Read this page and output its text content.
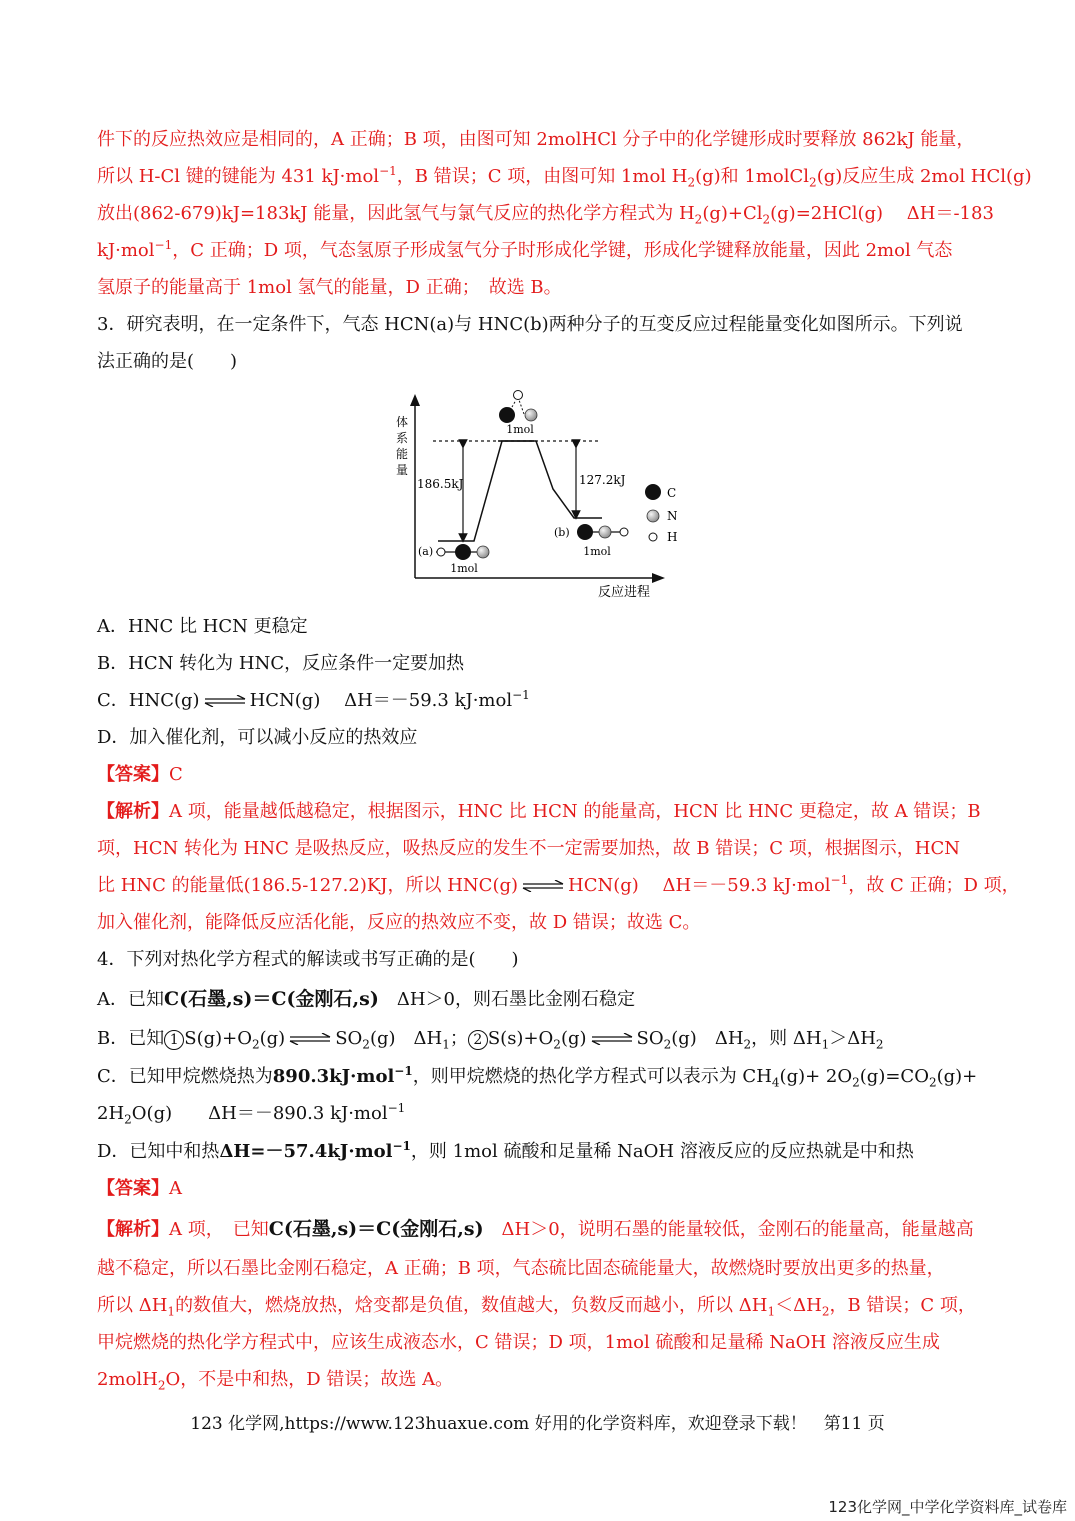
件下的反应热效应是相同的，A 正确；B 项，由图可知 2molHCl 分子中的化学键形成时要释放 862kJ 能量，
所以 H-Cl 键的键能为 431 kJ·mol$^{-1}$，B 错误；C 项，由图可知 1mol $H_2(g)$和 1molCl$_2$(g)反应生成 2mol HCl(g)
放出(862-679)kJ=183kJ 能量，因此氢气与氯气反应的热化学方程式为 $H_2(g)+Cl_2(g)=2HCl(g)$　 ΔH＝-183
kJ·mol$^{-1}$，C 正确；D 项，气态氢原子形成氢气分子时形成化学键，形成化学键释放能量，因此 2mol 气态
氢原子的能量高于 1mol 氢气的能量，D 正确；　故选 B。
3．研究表明，在一定条件下，气态 HCN(a)与 HNC(b)两种分子的互变反应过程能量变化如图所示。下列说
法正确的是(　　)
体
系
能
量
反应进程
186.5kJ	127.2kJ
(a)
1mol
1mol
(b)
1mol
C
N
H
A．HNC 比 HCN 更稳定
B．HCN 转化为 HNC，反应条件一定要加热
C．HNC(g) ⇌ HCN(g)　 ΔH＝－59.3 kJ·mol$^{-1}$
D．加入催化剂，可以减小反应的热效应
【答案】C
【解析】A 项，能量越低越稳定，根据图示，HNC 比 HCN 的能量高，HCN 比 HNC 更稳定，故 A 错误；B
项，HCN 转化为 HNC 是吸热反应，吸热反应的发生不一定需要加热，故 B 错误；C 项，根据图示，HCN
比 HNC 的能量低(186.5-127.2)KJ，所以 HNC(g) ⇌ HCN(g)　 ΔH＝－59.3 kJ·mol$^{-1}$，故 C 正确；D 项，
加入催化剂，能降低反应活化能，反应的热效应不变，故 D 错误；故选 C。
4．下列对热化学方程式的解读或书写正确的是(　　)
A．已知C(石墨,s)＝C(金刚石,s)　ΔH＞0，则石墨比金刚石稳定
B．已知 1 $S(g)+O_2(g)$ ⇌ $SO_2(g)$　$\Delta H_1$； 2 $S(s)+O_2(g)$ ⇌ $SO_2(g)$　$\Delta H_2$，则 $\Delta H_1>\Delta H_2$
C．已知甲烷燃烧热为890.3kJ·mol$^{-1}$，则甲烷燃烧的热化学方程式可以表示为 $CH_4(g)+ 2O_2(g)=CO_2(g)+$
$2H_2O(g)$　　ΔH＝－890.3 kJ·mol$^{-1}$
D．已知中和热ΔH=－57.4kJ·mol$^{-1}$，则 1mol 硫酸和足量稀 NaOH 溶液反应的反应热就是中和热
【答案】A
【解析】A 项，　已知C(石墨,s)＝C(金刚石,s)　ΔH＞0，说明石墨的能量较低，金刚石的能量高，能量越高
越不稳定，所以石墨比金刚石稳定，A 正确；B 项，气态硫比固态硫能量大，故燃烧时要放出更多的热量，
所以 $\Delta H_1$的数值大，燃烧放热，焓变都是负值，数值越大，负数反而越小，所以 $\Delta H_1<\Delta H_2$，B 错误；C 项，
甲烷燃烧的热化学方程式中，应该生成液态水，C 错误；D 项，1mol 硫酸和足量稀 NaOH 溶液反应生成
2molH$_2$O，不是中和热，D 错误；故选 A。
123 化学网,https://www.123huaxue.com 好用的化学资料库，欢迎登录下载！　第11 页
123化学网_中学化学资料库_试卷库
